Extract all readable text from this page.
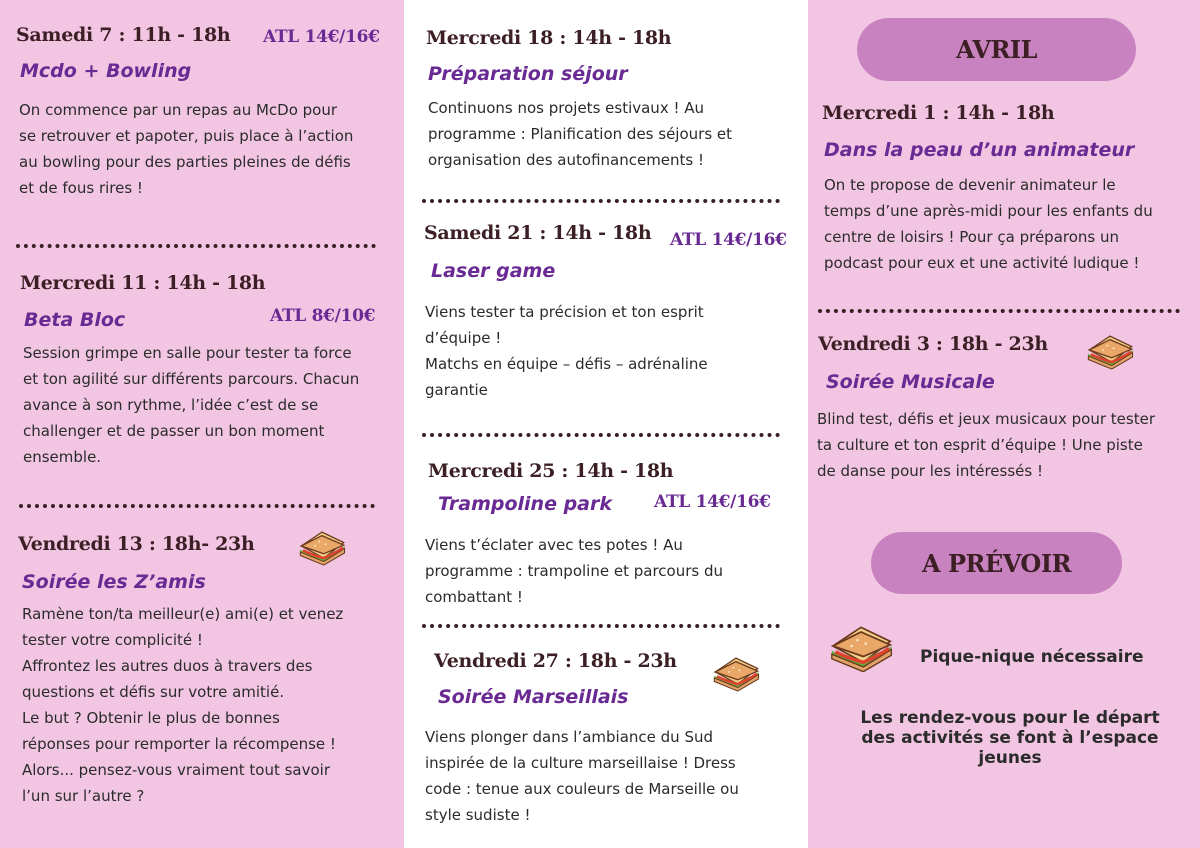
Samedi 7 : 11h - 18h ATL 14€/16€
Mcdo + Bowling

On commence par un repas au McDo pour
se retrouver et papoter, puis place à l’action
au bowling pour des parties pleines de défis
et de fous rires !

Mercredi 11 : 14h - 18h
ATL 8€/10€
Beta Bloc

Session grimpe en salle pour tester ta force
et ton agilité sur différents parcours. Chacun
avance à son rythme, l’idée c’est de se
challenger et de passer un bon moment
ensemble.

Vendredi 13 : 18h- 23h
Soirée les Z’amis

Ramène ton/ta meilleur(e) ami(e) et venez
tester votre complicité !
Affrontez les autres duos à travers des
questions et défis sur votre amitié.
Le but ? Obtenir le plus de bonnes
réponses pour remporter la récompense !
Alors... pensez-vous vraiment tout savoir
l’un sur l’autre ?

Mercredi 18 : 14h - 18h
Préparation séjour

Continuons nos projets estivaux ! Au
programme : Planification des séjours et
organisation des autofinancements !

Samedi 21 : 14h - 18h ATL 14€/16€
Laser game

Viens tester ta précision et ton esprit
d’équipe !
Matchs en équipe – défis – adrénaline
garantie

Mercredi 25 : 14h - 18h
Trampoline park ATL 14€/16€

Viens t’éclater avec tes potes ! Au
programme : trampoline et parcours du
combattant !

Vendredi 27 : 18h - 23h
Soirée Marseillais

Viens plonger dans l’ambiance du Sud
inspirée de la culture marseillaise ! Dress
code : tenue aux couleurs de Marseille ou
style sudiste !

AVRIL
Mercredi 1 : 14h - 18h
Dans la peau d’un animateur

On te propose de devenir animateur le
temps d’une après-midi pour les enfants du
centre de loisirs ! Pour ça préparons un
podcast pour eux et une activité ludique !

Vendredi 3 : 18h - 23h
Soirée Musicale

Blind test, défis et jeux musicaux pour tester
ta culture et ton esprit d’équipe ! Une piste
de danse pour les intéressés !

A PRÉVOIR
Pique-nique nécessaire
Les rendez-vous pour le départ
des activités se font à l’espace
jeunes
